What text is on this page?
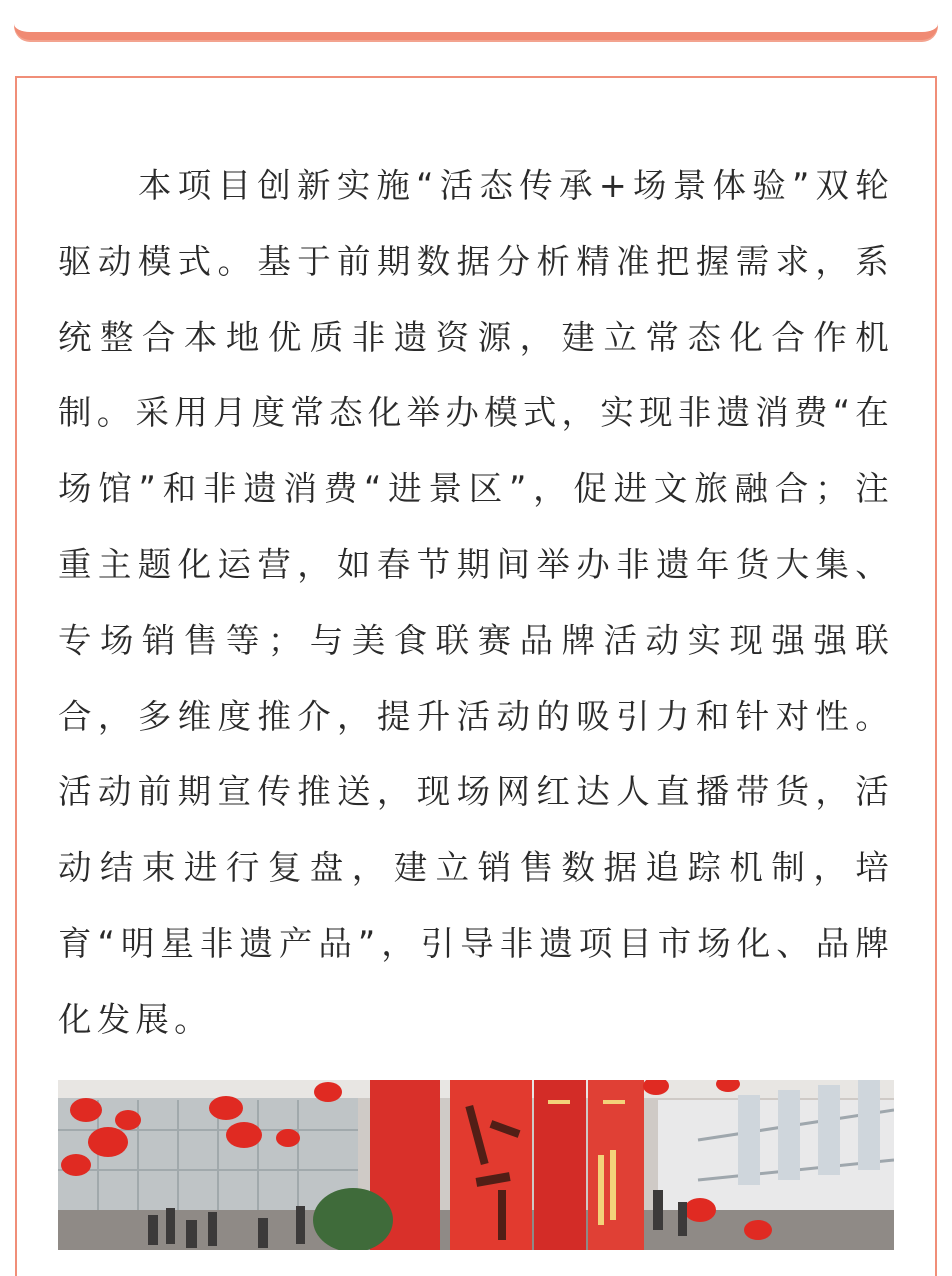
本项目创新实施“活态传承+场景体验”双轮驱动模式。基于前期数据分析精准把握需求，系统整合本地优质非遗资源，建立常态化合作机制。采用月度常态化举办模式，实现非遗消费“在场馆”和非遗消费“进景区”，促进文旅融合；注重主题化运营，如春节期间举办非遗年货大集、专场销售等；与美食联赛品牌活动实现强强联合，多维度推介，提升活动的吸引力和针对性。活动前期宣传推送，现场网红达人直播带货，活动结束进行复盘，建立销售数据追踪机制，培育“明星非遗产品”，引导非遗项目市场化、品牌化发展。
